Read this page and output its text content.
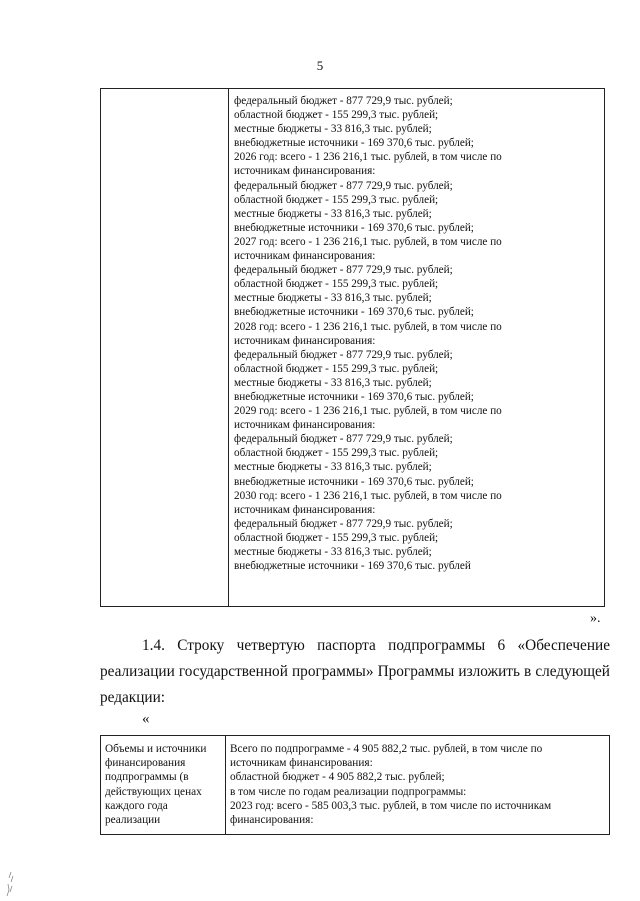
5
федеральный бюджет - 877 729,9 тыс. рублей;
областной бюджет - 155 299,3 тыс. рублей;
местные бюджеты - 33 816,3 тыс. рублей;
внебюджетные источники - 169 370,6 тыс. рублей;
2026 год: всего - 1 236 216,1 тыс. рублей, в том числе по
источникам финансирования:
федеральный бюджет - 877 729,9 тыс. рублей;
областной бюджет - 155 299,3 тыс. рублей;
местные бюджеты - 33 816,3 тыс. рублей;
внебюджетные источники - 169 370,6 тыс. рублей;
2027 год: всего - 1 236 216,1 тыс. рублей, в том числе по
источникам финансирования:
федеральный бюджет - 877 729,9 тыс. рублей;
областной бюджет - 155 299,3 тыс. рублей;
местные бюджеты - 33 816,3 тыс. рублей;
внебюджетные источники - 169 370,6 тыс. рублей;
2028 год: всего - 1 236 216,1 тыс. рублей, в том числе по
источникам финансирования:
федеральный бюджет - 877 729,9 тыс. рублей;
областной бюджет - 155 299,3 тыс. рублей;
местные бюджеты - 33 816,3 тыс. рублей;
внебюджетные источники - 169 370,6 тыс. рублей;
2029 год: всего - 1 236 216,1 тыс. рублей, в том числе по
источникам финансирования:
федеральный бюджет - 877 729,9 тыс. рублей;
областной бюджет - 155 299,3 тыс. рублей;
местные бюджеты - 33 816,3 тыс. рублей;
внебюджетные источники - 169 370,6 тыс. рублей;
2030 год: всего - 1 236 216,1 тыс. рублей, в том числе по
источникам финансирования:
федеральный бюджет - 877 729,9 тыс. рублей;
областной бюджет - 155 299,3 тыс. рублей;
местные бюджеты - 33 816,3 тыс. рублей;
внебюджетные источники - 169 370,6 тыс. рублей
».
1.4. Строку четвертую паспорта подпрограммы 6 «Обеспечение
реализации государственной программы» Программы изложить в следующей
редакции:
«
Объемы и источники
финансирования
подпрограммы (в
действующих ценах
каждого года
реализации
Всего по подпрограмме - 4 905 882,2 тыс. рублей, в том числе по
источникам финансирования:
областной бюджет - 4 905 882,2 тыс. рублей;
в том числе по годам реализации подпрограммы:
2023 год: всего - 585 003,3 тыс. рублей, в том числе по источникам
финансирования:
